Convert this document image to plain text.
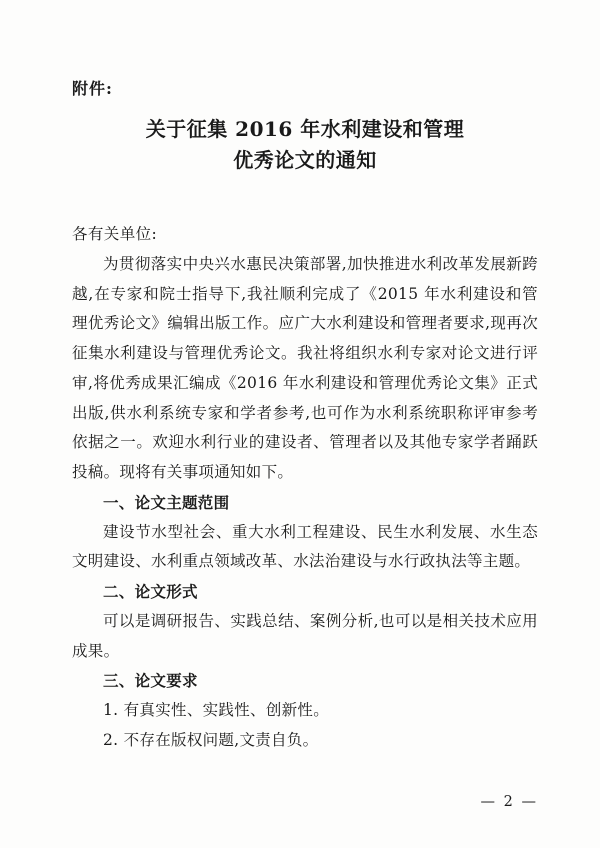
附件:
关于征集 2016 年水利建设和管理
优秀论文的通知
各有关单位:

为贯彻落实中央兴水惠民决策部署,加快推进水利改革发展新跨越,在专家和院士指导下,我社顺利完成了《2015 年水利建设和管理优秀论文》编辑出版工作。应广大水利建设和管理者要求,现再次征集水利建设与管理优秀论文。我社将组织水利专家对论文进行评审,将优秀成果汇编成《2016 年水利建设和管理优秀论文集》正式出版,供水利系统专家和学者参考,也可作为水利系统职称评审参考依据之一。欢迎水利行业的建设者、管理者以及其他专家学者踊跃投稿。现将有关事项通知如下。

一、论文主题范围

建设节水型社会、重大水利工程建设、民生水利发展、水生态文明建设、水利重点领域改革、水法治建设与水行政执法等主题。

二、论文形式

可以是调研报告、实践总结、案例分析,也可以是相关技术应用成果。

三、论文要求

1. 有真实性、实践性、创新性。

2. 不存在版权问题,文责自负。

— 2 —
